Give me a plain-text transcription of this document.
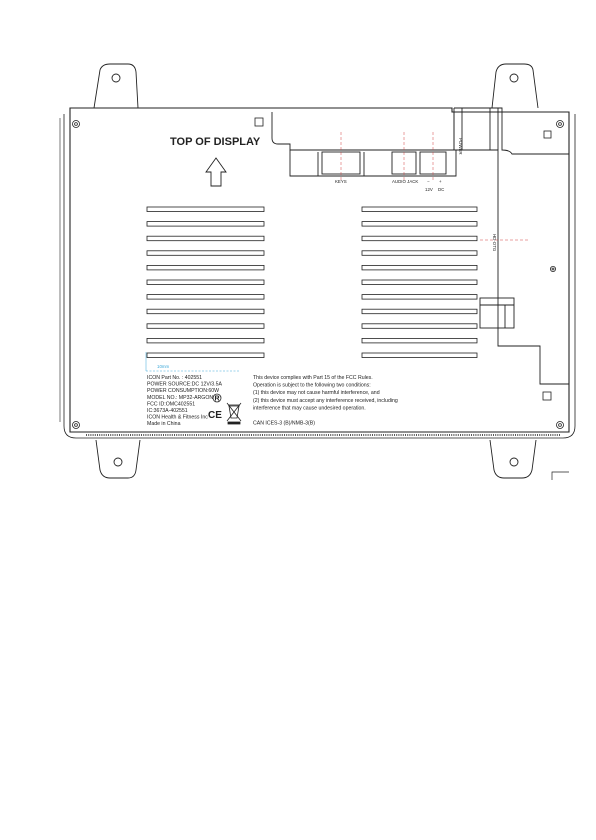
TOP OF DISPLAY
KEYS	AUDIO JACK − +
12V DC
POWER
HD-OTG
10mm
ICON Part No. : 402551
POWER SOURCE:DC 12V/3.5A
POWER CONSUMPTION:60W
MODEL NO.: MP32-ARGON
FCC ID:OMC402551
IC:3673A-402551
ICON Health & Fitness Inc
Made in China
This device complies with Part 15 of the FCC Rules.
Operation is subject to the following two conditions:
(1) this device may not cause harmful interference, and
(2) this device must accept any interference received, including
interference that may cause undesired operation.
CAN ICES-3 (B)/NMB-3(B)
R
CE
